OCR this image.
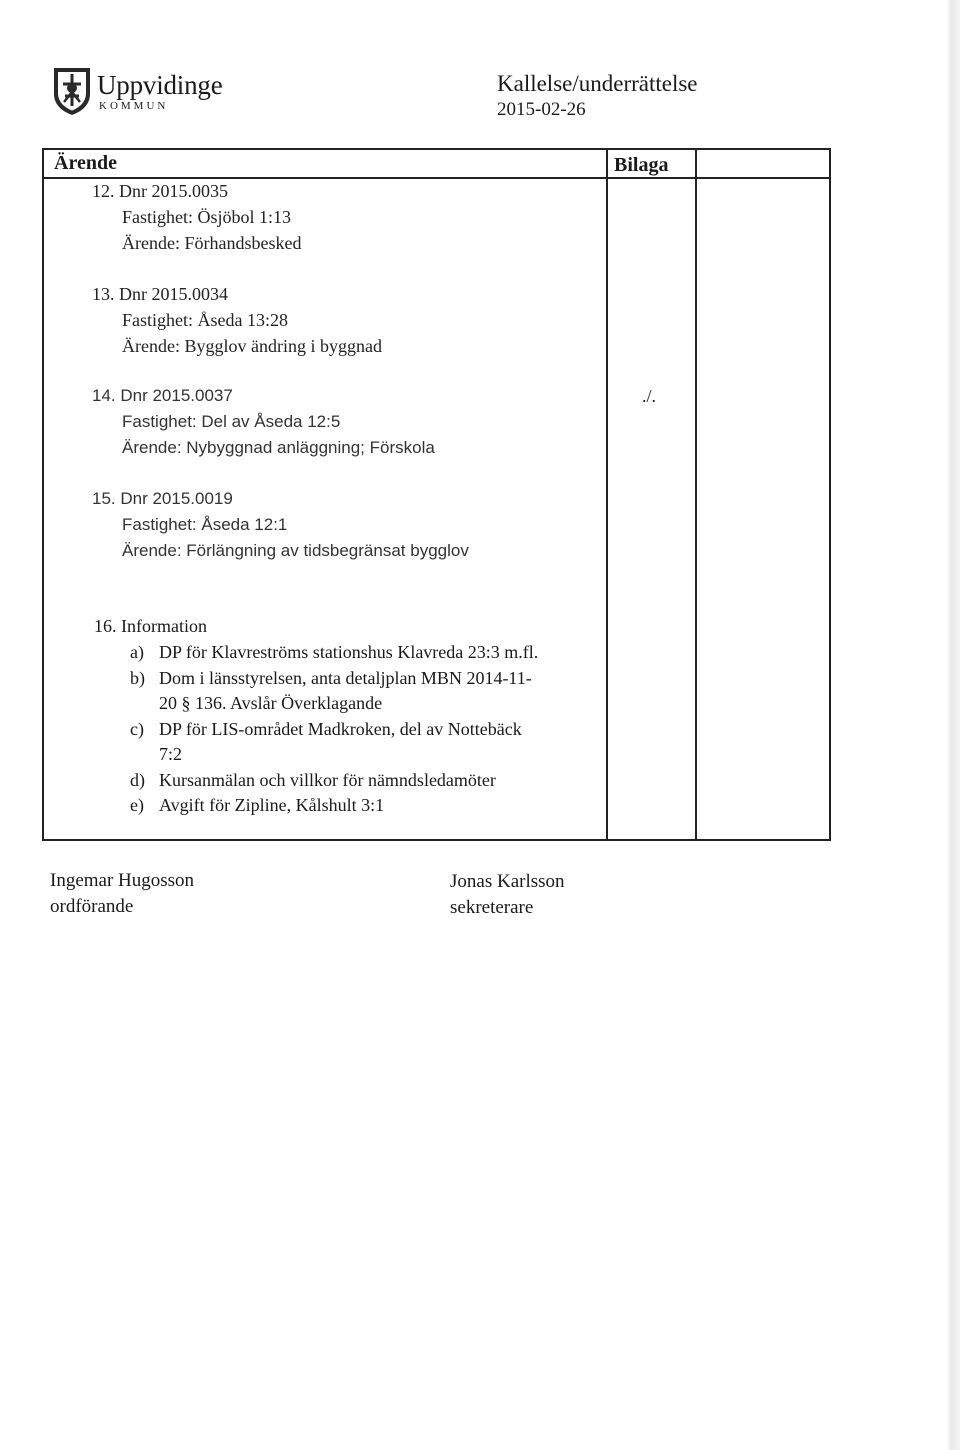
Uppvidinge
KOMMUN
Kallelse/underrättelse
2015-02-26
Ärende	Bilaga
12. Dnr 2015.0035
Fastighet: Ösjöbol 1:13
Ärende: Förhandsbesked
13. Dnr 2015.0034
Fastighet: Åseda 13:28
Ärende: Bygglov ändring i byggnad
14. Dnr 2015.0037
Fastighet: Del av Åseda 12:5
Ärende: Nybyggnad anläggning; Förskola
./.
15. Dnr 2015.0019
Fastighet: Åseda 12:1
Ärende: Förlängning av tidsbegränsat bygglov
16. Information
a) DP för Klavreströms stationshus Klavreda 23:3 m.fl.
b) Dom i länsstyrelsen, anta detaljplan MBN 2014-11-
20 § 136. Avslår Överklagande
c) DP för LIS-området Madkroken, del av Nottebäck
7:2
d) Kursanmälan och villkor för nämndsledamöter
e) Avgift för Zipline, Kålshult 3:1
Ingemar Hugosson
ordförande
Jonas Karlsson
sekreterare
